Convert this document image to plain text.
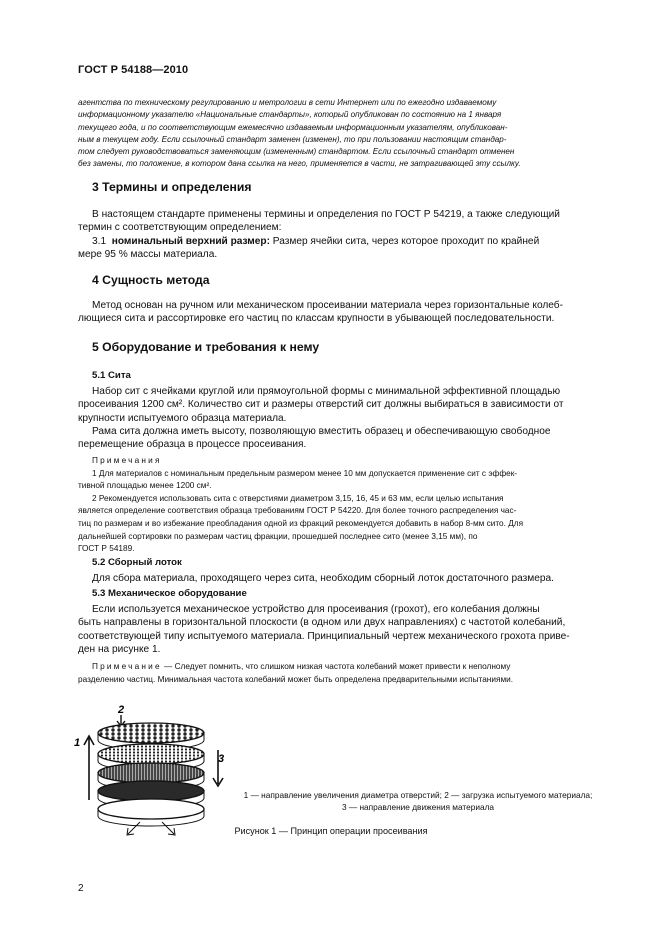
ГОСТ Р 54188—2010
агентства по техническому регулированию и метрологии в сети Интернет или по ежегодно издаваемому
информационному указателю «Национальные стандарты», который опубликован по состоянию на 1 января
текущего года, и по соответствующим ежемесячно издаваемым информационным указателям, опубликован-
ным в текущем году. Если ссылочный стандарт заменен (изменен), то при пользовании настоящим стандар-
том следует руководствоваться заменяющим (измененным) стандартом. Если ссылочный стандарт отменен
без замены, то положение, в котором дана ссылка на него, применяется в части, не затрагивающей эту ссылку.
3 Термины и определения
В настоящем стандарте применены термины и определения по ГОСТ Р 54219, а также следующий
термин с соответствующим определением:
3.1 номинальный верхний размер: Размер ячейки сита, через которое проходит по крайней
мере 95 % массы материала.
4 Сущность метода
Метод основан на ручном или механическом просеивании материала через горизонтальные колеб-
лющиеся сита и рассортировке его частиц по классам крупности в убывающей последовательности.
5 Оборудование и требования к нему
5.1 Сита
Набор сит с ячейками круглой или прямоугольной формы с минимальной эффективной площадью
просеивания 1200 см². Количество сит и размеры отверстий сит должны выбираться в зависимости от
крупности испытуемого образца материала.
Рама сита должна иметь высоту, позволяющую вместить образец и обеспечивающую свободное
перемещение образца в процессе просеивания.
Примечания
1 Для материалов с номинальным предельным размером менее 10 мм допускается применение сит с эффек-
тивной площадью менее 1200 см².
2 Рекомендуется использовать сита с отверстиями диаметром 3,15, 16, 45 и 63 мм, если целью испытания
является определение соответствия образца требованиям ГОСТ Р 54220. Для более точного распределения час-
тиц по размерам и во избежание преобладания одной из фракций рекомендуется добавить в набор 8-мм сито. Для
дальнейшей сортировки по размерам частиц фракции, прошедшей последнее сито (менее 3,15 мм), по
ГОСТ Р 54189.
5.2 Сборный лоток
Для сбора материала, проходящего через сита, необходим сборный лоток достаточного размера.
5.3 Механическое оборудование
Если используется механическое устройство для просеивания (грохот), его колебания должны
быть направлены в горизонтальной плоскости (в одном или двух направлениях) с частотой колебаний,
соответствующей типу испытуемого материала. Принципиальный чертеж механического грохота приве-
ден на рисунке 1.
Примечание — Следует помнить, что слишком низкая частота колебаний может привести к неполному
разделению частиц. Минимальная частота колебаний может быть определена предварительными испытаниями.
2
1
3
1 — направление увеличения диаметра отверстий; 2 — загрузка испытуемого материала;
3 — направление движения материала
Рисунок 1 — Принцип операции просеивания
2
